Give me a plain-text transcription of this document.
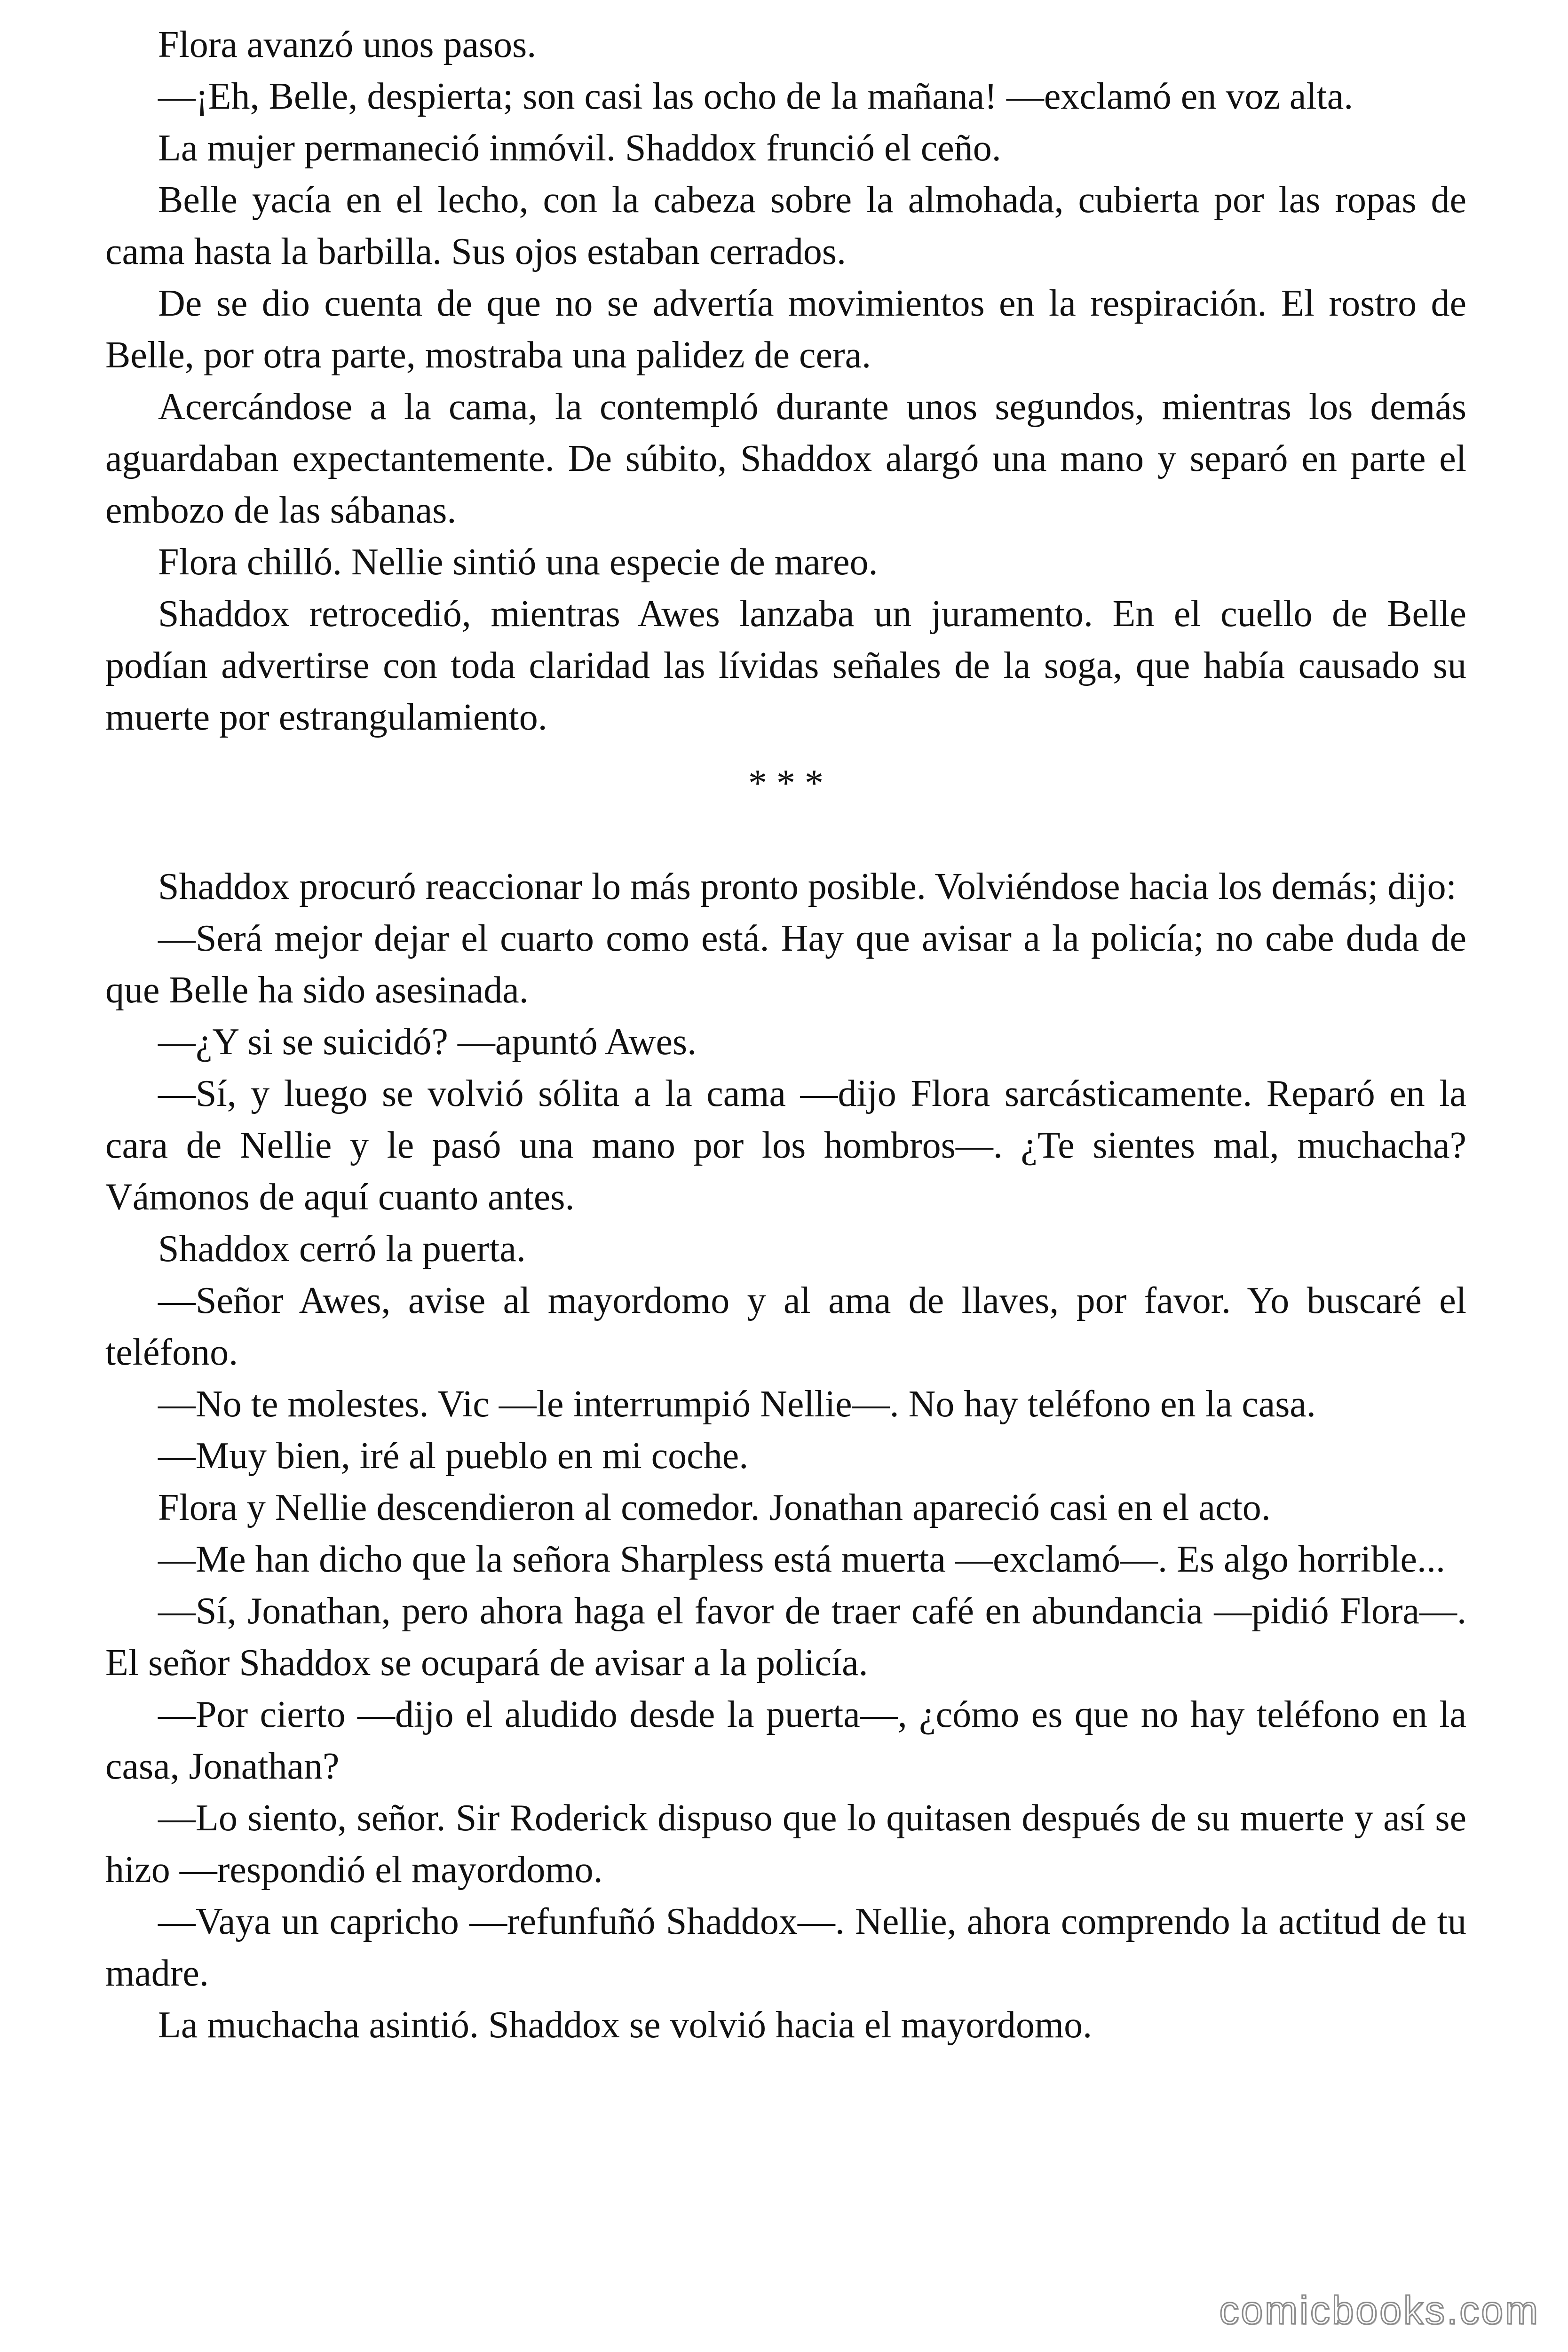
Flora avanzó unos pasos.

—¡Eh, Belle, despierta; son casi las ocho de la mañana! —exclamó en voz alta.

La mujer permaneció inmóvil. Shaddox frunció el ceño.

Belle yacía en el lecho, con la cabeza sobre la almohada, cubierta por las ropas de cama hasta la barbilla. Sus ojos estaban cerrados.

De se dio cuenta de que no se advertía movimientos en la respiración. El rostro de Belle, por otra parte, mostraba una palidez de cera.

Acercándose a la cama, la contempló durante unos segundos, mientras los demás aguardaban expectantemente. De súbito, Shaddox alargó una mano y separó en parte el embozo de las sábanas.

Flora chilló. Nellie sintió una especie de mareo.

Shaddox retrocedió, mientras Awes lanzaba un juramento. En el cuello de Belle podían advertirse con toda claridad las lívidas señales de la soga, que había causado su muerte por estrangulamiento.

* * *

Shaddox procuró reaccionar lo más pronto posible. Volviéndose hacia los demás; dijo:

—Será mejor dejar el cuarto como está. Hay que avisar a la policía; no cabe duda de que Belle ha sido asesinada.

—¿Y si se suicidó? —apuntó Awes.

—Sí, y luego se volvió sólita a la cama —dijo Flora sarcásticamente. Reparó en la cara de Nellie y le pasó una mano por los hombros—. ¿Te sientes mal, muchacha? Vámonos de aquí cuanto antes.

Shaddox cerró la puerta.

—Señor Awes, avise al mayordomo y al ama de llaves, por favor. Yo buscaré el teléfono.

—No te molestes. Vic —le interrumpió Nellie—. No hay teléfono en la casa.

—Muy bien, iré al pueblo en mi coche.

Flora y Nellie descendieron al comedor. Jonathan apareció casi en el acto.

—Me han dicho que la señora Sharpless está muerta —exclamó—. Es algo horrible...

—Sí, Jonathan, pero ahora haga el favor de traer café en abundancia —pidió Flora—. El señor Shaddox se ocupará de avisar a la policía.

—Por cierto —dijo el aludido desde la puerta—, ¿cómo es que no hay teléfono en la casa, Jonathan?

—Lo siento, señor. Sir Roderick dispuso que lo quitasen después de su muerte y así se hizo —respondió el mayordomo.

—Vaya un capricho —refunfuñó Shaddox—. Nellie, ahora comprendo la actitud de tu madre.

La muchacha asintió. Shaddox se volvió hacia el mayordomo.

comicbooks.com
